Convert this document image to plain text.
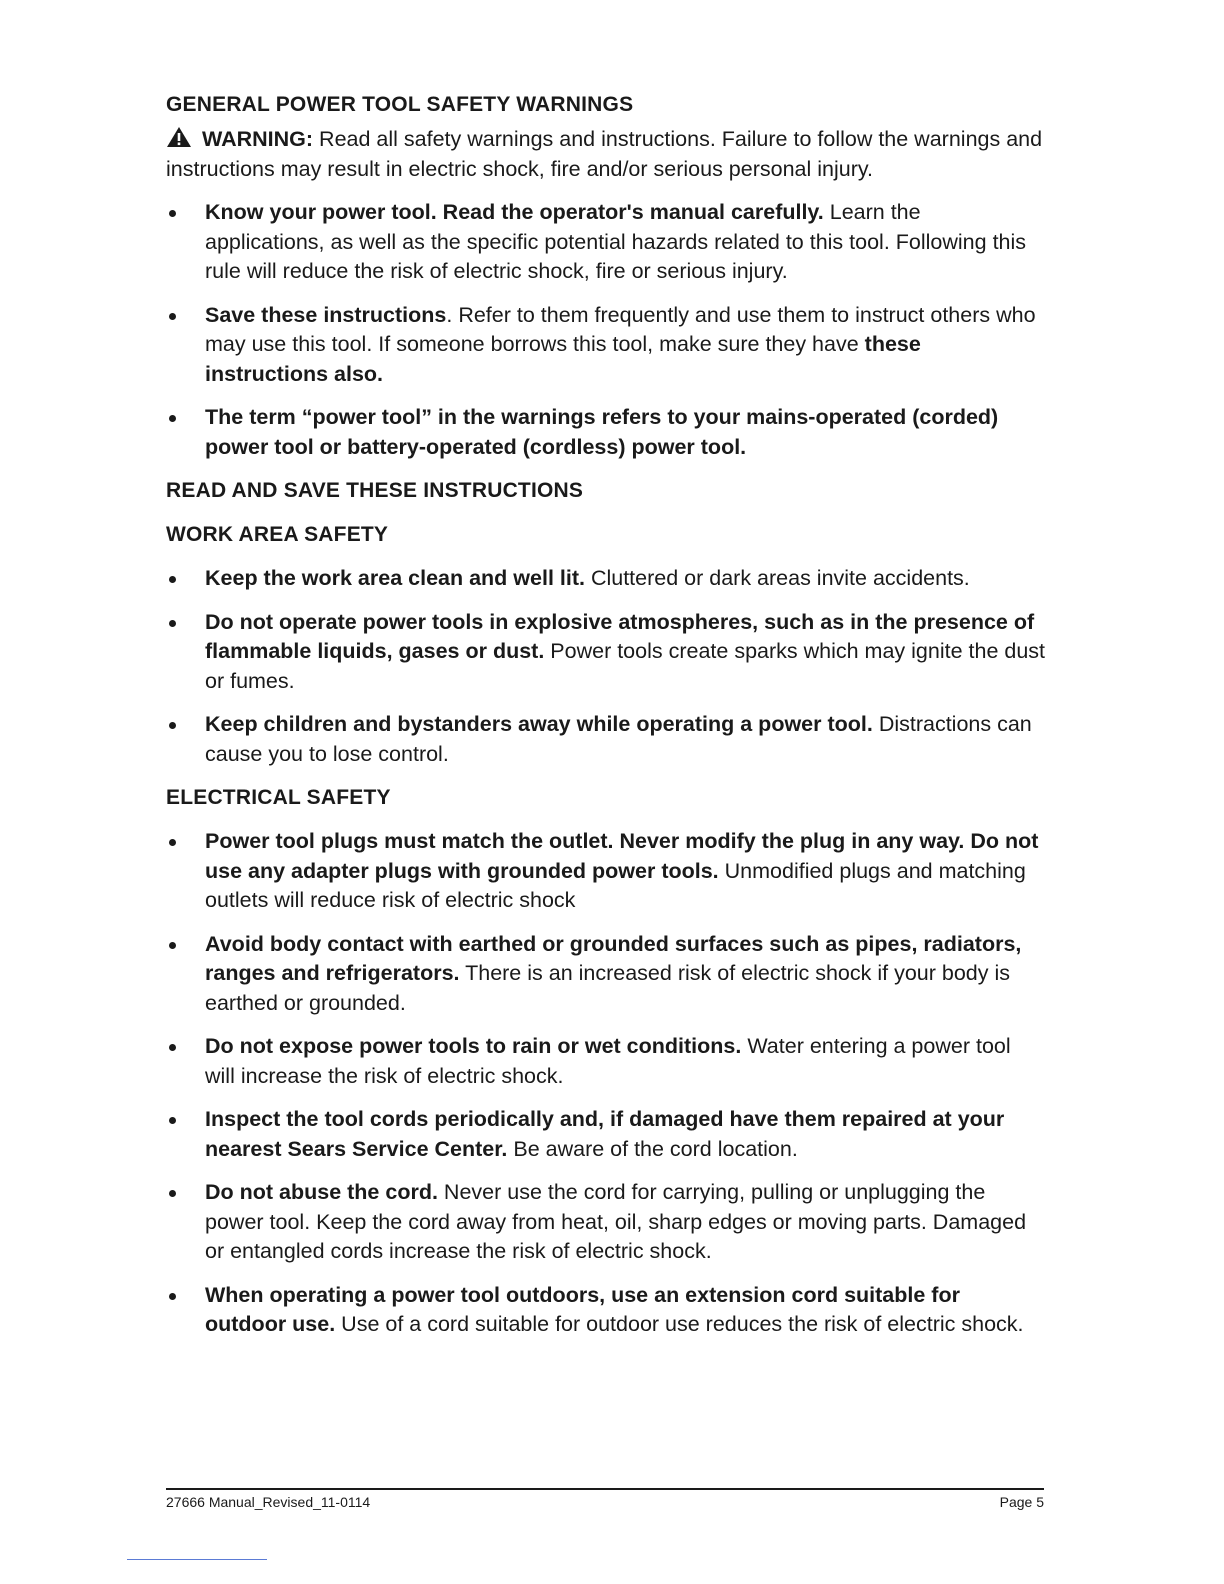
GENERAL POWER TOOL SAFETY WARNINGS
WARNING: Read all safety warnings and instructions. Failure to follow the warnings and instructions may result in electric shock, fire and/or serious personal injury.
Know your power tool. Read the operator's manual carefully. Learn the applications, as well as the specific potential hazards related to this tool. Following this rule will reduce the risk of electric shock, fire or serious injury.
Save these instructions. Refer to them frequently and use them to instruct others who may use this tool. If someone borrows this tool, make sure they have these instructions also.
The term “power tool” in the warnings refers to your mains-operated (corded) power tool or battery-operated (cordless) power tool.
READ AND SAVE THESE INSTRUCTIONS
WORK AREA SAFETY
Keep the work area clean and well lit. Cluttered or dark areas invite accidents.
Do not operate power tools in explosive atmospheres, such as in the presence of flammable liquids, gases or dust. Power tools create sparks which may ignite the dust or fumes.
Keep children and bystanders away while operating a power tool. Distractions can cause you to lose control.
ELECTRICAL SAFETY
Power tool plugs must match the outlet. Never modify the plug in any way. Do not use any adapter plugs with grounded power tools. Unmodified plugs and matching outlets will reduce risk of electric shock
Avoid body contact with earthed or grounded surfaces such as pipes, radiators, ranges and refrigerators. There is an increased risk of electric shock if your body is earthed or grounded.
Do not expose power tools to rain or wet conditions. Water entering a power tool will increase the risk of electric shock.
Inspect the tool cords periodically and, if damaged have them repaired at your nearest Sears Service Center. Be aware of the cord location.
Do not abuse the cord. Never use the cord for carrying, pulling or unplugging the power tool. Keep the cord away from heat, oil, sharp edges or moving parts. Damaged or entangled cords increase the risk of electric shock.
When operating a power tool outdoors, use an extension cord suitable for outdoor use. Use of a cord suitable for outdoor use reduces the risk of electric shock.
27666 Manual_Revised_11-0114	Page 5
